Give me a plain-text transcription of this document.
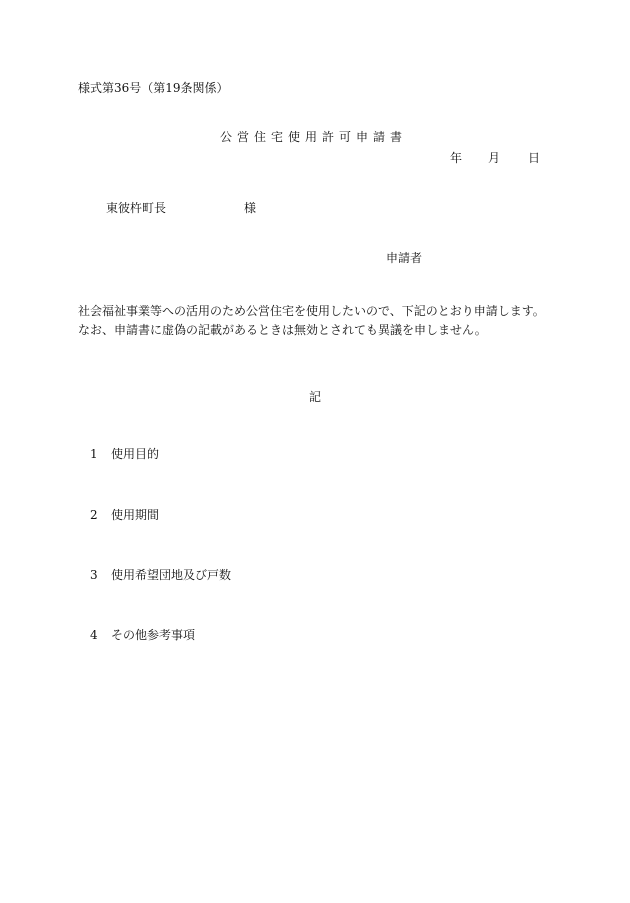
様式第36号（第19条関係）
公営住宅使用許可申請書
年 月 日
東彼杵町長	様
申請者

社会福祉事業等への活用のため公営住宅を使用したいので、下記のとおり申請します。

なお、申請書に虚偽の記載があるときは無効とされても異議を申しません。

記
1 使用目的
2 使用期間
3 使用希望団地及び戸数
4 その他参考事項
